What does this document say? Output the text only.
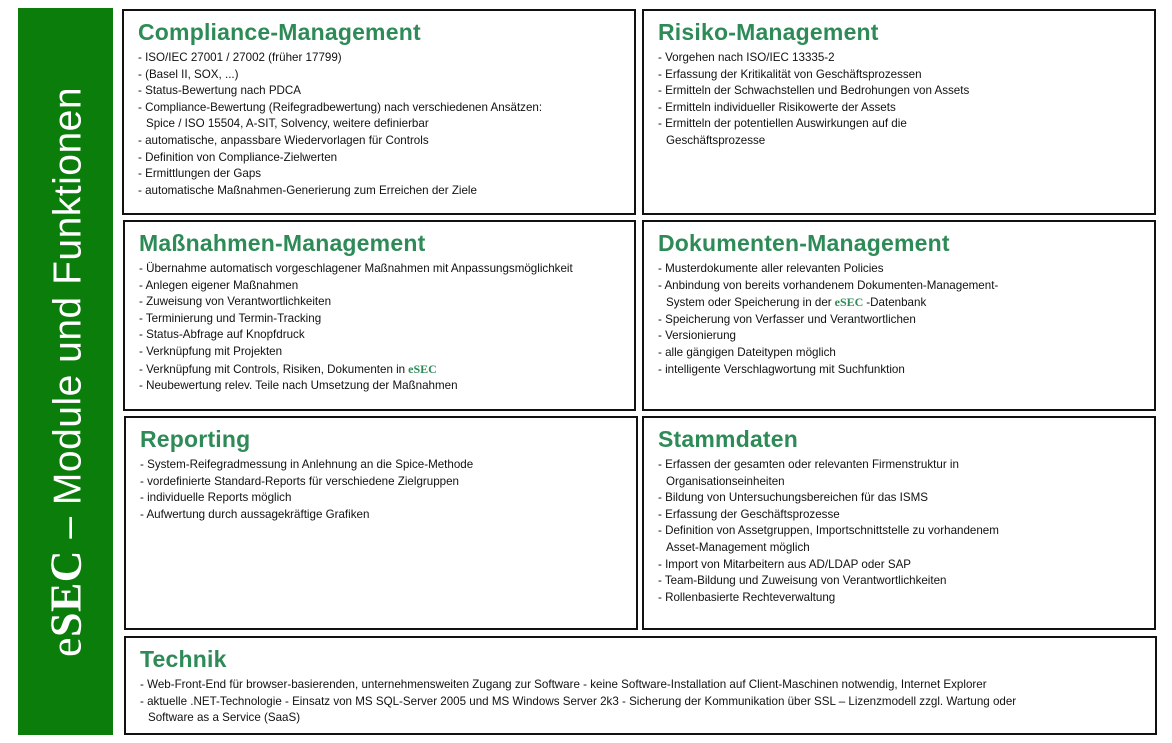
eSEC – Module und Funktionen
Compliance-Management
- ISO/IEC 27001 / 27002 (früher 17799)
- (Basel II, SOX, ...)
- Status-Bewertung nach PDCA
- Compliance-Bewertung (Reifegradbewertung) nach verschiedenen Ansätzen:
Spice / ISO 15504, A-SIT, Solvency, weitere definierbar
- automatische, anpassbare Wiedervorlagen für Controls
- Definition von Compliance-Zielwerten
- Ermittlungen der Gaps
- automatische Maßnahmen-Generierung zum Erreichen der Ziele
Risiko-Management
- Vorgehen nach ISO/IEC 13335-2
- Erfassung der Kritikalität von Geschäftsprozessen
- Ermitteln der Schwachstellen und Bedrohungen von Assets
- Ermitteln individueller Risikowerte der Assets
- Ermitteln der potentiellen Auswirkungen auf die
Geschäftsprozesse
Maßnahmen-Management
- Übernahme automatisch vorgeschlagener Maßnahmen mit Anpassungsmöglichkeit
- Anlegen eigener Maßnahmen
- Zuweisung von Verantwortlichkeiten
- Terminierung und Termin-Tracking
- Status-Abfrage auf Knopfdruck
- Verknüpfung mit Projekten
- Verknüpfung mit Controls, Risiken, Dokumenten in eSEC
- Neubewertung relev. Teile nach Umsetzung der Maßnahmen
Dokumenten-Management
- Musterdokumente aller relevanten Policies
- Anbindung von bereits vorhandenem Dokumenten-Management-
System oder Speicherung in der eSEC -Datenbank
- Speicherung von Verfasser und Verantwortlichen
- Versionierung
- alle gängigen Dateitypen möglich
- intelligente Verschlagwortung mit Suchfunktion
Reporting
- System-Reifegradmessung in Anlehnung an die Spice-Methode
- vordefinierte Standard-Reports für verschiedene Zielgruppen
- individuelle Reports möglich
- Aufwertung durch aussagekräftige Grafiken
Stammdaten
- Erfassen der gesamten oder relevanten Firmenstruktur in
Organisationseinheiten
- Bildung von Untersuchungsbereichen für das ISMS
- Erfassung der Geschäftsprozesse
- Definition von Assetgruppen, Importschnittstelle zu vorhandenem
Asset-Management möglich
- Import von Mitarbeitern aus AD/LDAP oder SAP
- Team-Bildung und Zuweisung von Verantwortlichkeiten
- Rollenbasierte Rechteverwaltung
Technik
- Web-Front-End für browser-basierenden, unternehmensweiten Zugang zur Software - keine Software-Installation auf Client-Maschinen notwendig, Internet Explorer
- aktuelle .NET-Technologie - Einsatz von MS SQL-Server 2005 und MS Windows Server 2k3 - Sicherung der Kommunikation über SSL – Lizenzmodell zzgl. Wartung oder
Software as a Service (SaaS)
